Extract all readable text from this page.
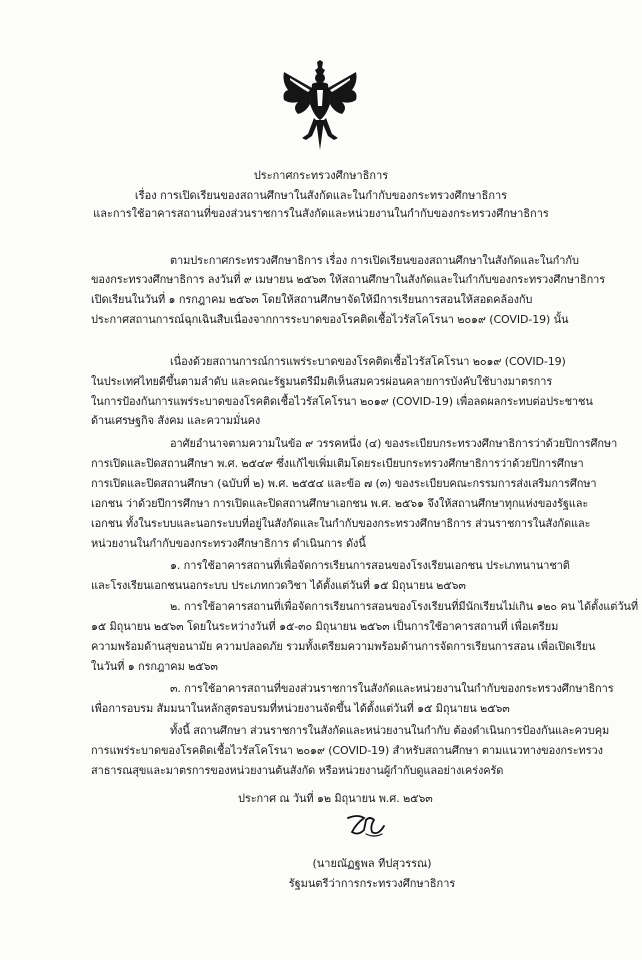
ประกาศกระทรวงศึกษาธิการ
เรื่อง การเปิดเรียนของสถานศึกษาในสังกัดและในกำกับของกระทรวงศึกษาธิการ
และการใช้อาคารสถานที่ของส่วนราชการในสังกัดและหน่วยงานในกำกับของกระทรวงศึกษาธิการ
ตามประกาศกระทรวงศึกษาธิการ เรื่อง การเปิดเรียนของสถานศึกษาในสังกัดและในกำกับ
ของกระทรวงศึกษาธิการ ลงวันที่ ๙ เมษายน ๒๕๖๓ ให้สถานศึกษาในสังกัดและในกำกับของกระทรวงศึกษาธิการ
เปิดเรียนในวันที่ ๑ กรกฎาคม ๒๕๖๓ โดยให้สถานศึกษาจัดให้มีการเรียนการสอนให้สอดคล้องกับ
ประกาศสถานการณ์ฉุกเฉินสืบเนื่องจากการระบาดของโรคติดเชื้อไวรัสโคโรนา ๒๐๑๙ (COVID-19) นั้น
เนื่องด้วยสถานการณ์การแพร่ระบาดของโรคติดเชื้อไวรัสโคโรนา ๒๐๑๙ (COVID-19)
ในประเทศไทยดีขึ้นตามลำดับ และคณะรัฐมนตรีมีมติเห็นสมควรผ่อนคลายการบังคับใช้บางมาตรการ
ในการป้องกันการแพร่ระบาดของโรคติดเชื้อไวรัสโคโรนา ๒๐๑๙ (COVID-19) เพื่อลดผลกระทบต่อประชาชน
ด้านเศรษฐกิจ สังคม และความมั่นคง
อาศัยอำนาจตามความในข้อ ๙ วรรคหนึ่ง (๔) ของระเบียบกระทรวงศึกษาธิการว่าด้วยปิการศึกษา
การเปิดและปิดสถานศึกษา พ.ศ. ๒๕๔๙ ซึ่งแก้ไขเพิ่มเติมโดยระเบียบกระทรวงศึกษาธิการว่าด้วยปิการศึกษา
การเปิดและปิดสถานศึกษา (ฉบับที่ ๒) พ.ศ. ๒๕๕๔ และข้อ ๗ (๓) ของระเบียบคณะกรรมการส่งเสริมการศึกษา
เอกชน ว่าด้วยปีการศึกษา การเปิดและปิดสถานศึกษาเอกชน พ.ศ. ๒๕๖๑ จึงให้สถานศึกษาทุกแห่งของรัฐและ
เอกชน ทั้งในระบบและนอกระบบที่อยู่ในสังกัดและในกำกับของกระทรวงศึกษาธิการ ส่วนราชการในสังกัดและ
หน่วยงานในกำกับของกระทรวงศึกษาธิการ ดำเนินการ ดังนี้
๑. การใช้อาคารสถานที่เพื่อจัดการเรียนการสอนของโรงเรียนเอกชน ประเภทนานาชาติ
และโรงเรียนเอกชนนอกระบบ ประเภทกวดวิชา ได้ตั้งแต่วันที่ ๑๕ มิถุนายน ๒๕๖๓
๒. การใช้อาคารสถานที่เพื่อจัดการเรียนการสอนของโรงเรียนที่มีนักเรียนไม่เกิน ๑๒๐ คน ได้ตั้งแต่วันที่
๑๕ มิถุนายน ๒๕๖๓ โดยในระหว่างวันที่ ๑๕-๓๐ มิถุนายน ๒๕๖๓ เป็นการใช้อาคารสถานที่ เพื่อเตรียม
ความพร้อมด้านสุขอนามัย ความปลอดภัย รวมทั้งเตรียมความพร้อมด้านการจัดการเรียนการสอน เพื่อเปิดเรียน
ในวันที่ ๑ กรกฎาคม ๒๕๖๓
๓. การใช้อาคารสถานที่ของส่วนราชการในสังกัดและหน่วยงานในกำกับของกระทรวงศึกษาธิการ
เพื่อการอบรม สัมมนาในหลักสูตรอบรมที่หน่วยงานจัดขึ้น ได้ตั้งแต่วันที่ ๑๕ มิถุนายน ๒๕๖๓
ทั้งนี้ สถานศึกษา ส่วนราชการในสังกัดและหน่วยงานในกำกับ ต้องดำเนินการป้องกันและควบคุม
การแพร่ระบาดของโรคติดเชื้อไวรัสโคโรนา ๒๐๑๙ (COVID-19) สำหรับสถานศึกษา ตามแนวทางของกระทรวง
สาธารณสุขและมาตรการของหน่วยงานต้นสังกัด หรือหน่วยงานผู้กำกับดูแลอย่างเคร่งครัด
ประกาศ ณ วันที่ ๑๒ มิถุนายน พ.ศ. ๒๕๖๓
(นายณัฏฐพล ทีปสุวรรณ)
รัฐมนตรีว่าการกระทรวงศึกษาธิการ
